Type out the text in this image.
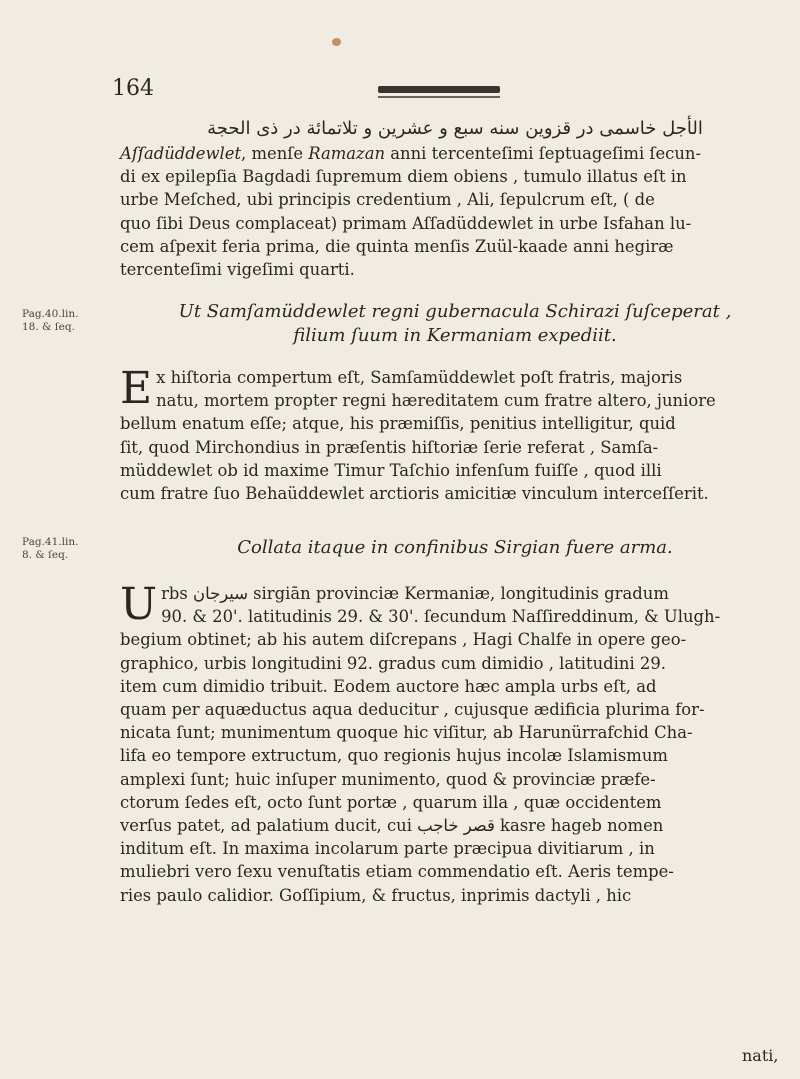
164
الأجل خاسمى در قزوين سنه سبع و عشرين و تلاتمائة در ذى الحجة
Aſſadüddewlet, menſe Ramazan anni tercenteſimi ſeptuageſimi ſecun-
di ex epilepſia Bagdadi ſupremum diem obiens , tumulo illatus eſt in
urbe Meſched, ubi principis credentium , Ali, ſepulcrum eſt, ( de
quo ſibi Deus complaceat) primam Aſſadüddewlet in urbe Isfahan lu-
cem aſpexit feria prima, die quinta menſis Zuül-kaade anni hegiræ
tercenteſimi vigeſimi quarti.
Pag.40.lin.
18. & ſeq.
Ut Samſamüddewlet regni gubernacula Schirazi ſuſceperat ,
filium ſuum in Kermaniam expediit.
E x hiſtoria compertum eſt, Samſamüddewlet poſt fratris, majoris
natu, mortem propter regni hæreditatem cum fratre altero, juniore
bellum enatum eſſe; atque, his præmiſſis, penitius intelligitur, quid
ſit, quod Mirchondius in præſentis hiſtoriæ ſerie referat , Samſa-
müddewlet ob id maxime Timur Taſchio infenſum fuiſſe , quod illi
cum fratre ſuo Behaüddewlet arctioris amicitiæ vinculum interceſſerit.
Pag.41.lin.
8. & ſeq.	Collata itaque in confinibus Sirgian fuere arma.
U rbs سيرجان sirgiān provinciæ Kermaniæ, longitudinis gradum
90. & 20'. latitudinis 29. & 30'. ſecundum Naſſireddinum, & Ulugh-
begium obtinet; ab his autem diſcrepans , Hagi Chalfe in opere geo-
graphico, urbis longitudini 92. gradus cum dimidio , latitudini 29.
item cum dimidio tribuit. Eodem auctore hæc ampla urbs eſt, ad
quam per aquæductus aqua deducitur , cujusque ædificia plurima for-
nicata ſunt; munimentum quoque hic viſitur, ab Harunürrafchid Cha-
lifa eo tempore extructum, quo regionis hujus incolæ Islamismum
amplexi ſunt; huic inſuper munimento, quod & provinciæ præfe-
ctorum ſedes eſt, octo ſunt portæ , quarum illa , quæ occidentem
verſus patet, ad palatium ducit, cui قصر خاجب kasre hageb nomen
inditum eſt. In maxima incolarum parte præcipua divitiarum , in
muliebri vero ſexu venuſtatis etiam commendatio eſt. Aeris tempe-
ries paulo calidior. Goſſipium, & fructus, inprimis dactyli , hic
nati,
